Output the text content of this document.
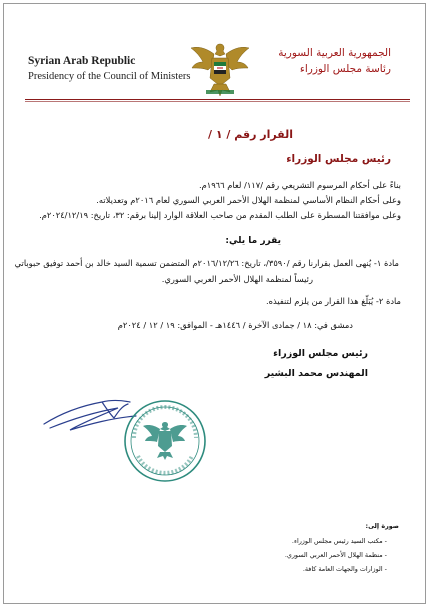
Syrian Arab Republic
Presidency of the Council of Ministers
الجمهورية العربية السورية
رئاسة مجلس الوزراء
القرار رقم / ١ /
رئيس مجلس الوزراء
بناءً على أحكام المرسوم التشريعي رقم /١١٧/ لعام ١٩٦٦م.
وعلى أحكام النظام الأساسي لمنظمة الهلال الأحمر العربي السوري لعام ٢٠١٦م وتعديلاته.
وعلى موافقتنا المسطرة على الطلب المقدم من صاحب العلاقة الوارد إلينا برقم: ٣٢، تاريخ: ٢٠٢٤/١٢/١٩م.
يقرر ما يلي:
مادة ١- يُنهى العمل بقرارنا رقم /٣٥٩٠/، تاريخ: ٢٠١٦/١٢/٢٦م المتضمن تسمية السيد خالد بن أحمد توفيق حبوباتي
رئيساً لمنظمة الهلال الأحمر العربي السوري.
مادة ٢- يُبَلّغ هذا القرار من يلزم لتنفيذه.
دمشق في: ١٨ / جمادى الآخرة / ١٤٤٦هـ - الموافق: ١٩ / ١٢ / ٢٠٢٤م
رئيس مجلس الوزراء
المهندس محمد البشير
صورة إلى:
- مكتب السيد رئيس مجلس الوزراء.
- منظمة الهلال الأحمر العربي السوري.
- الوزارات والجهات العامة كافة.
